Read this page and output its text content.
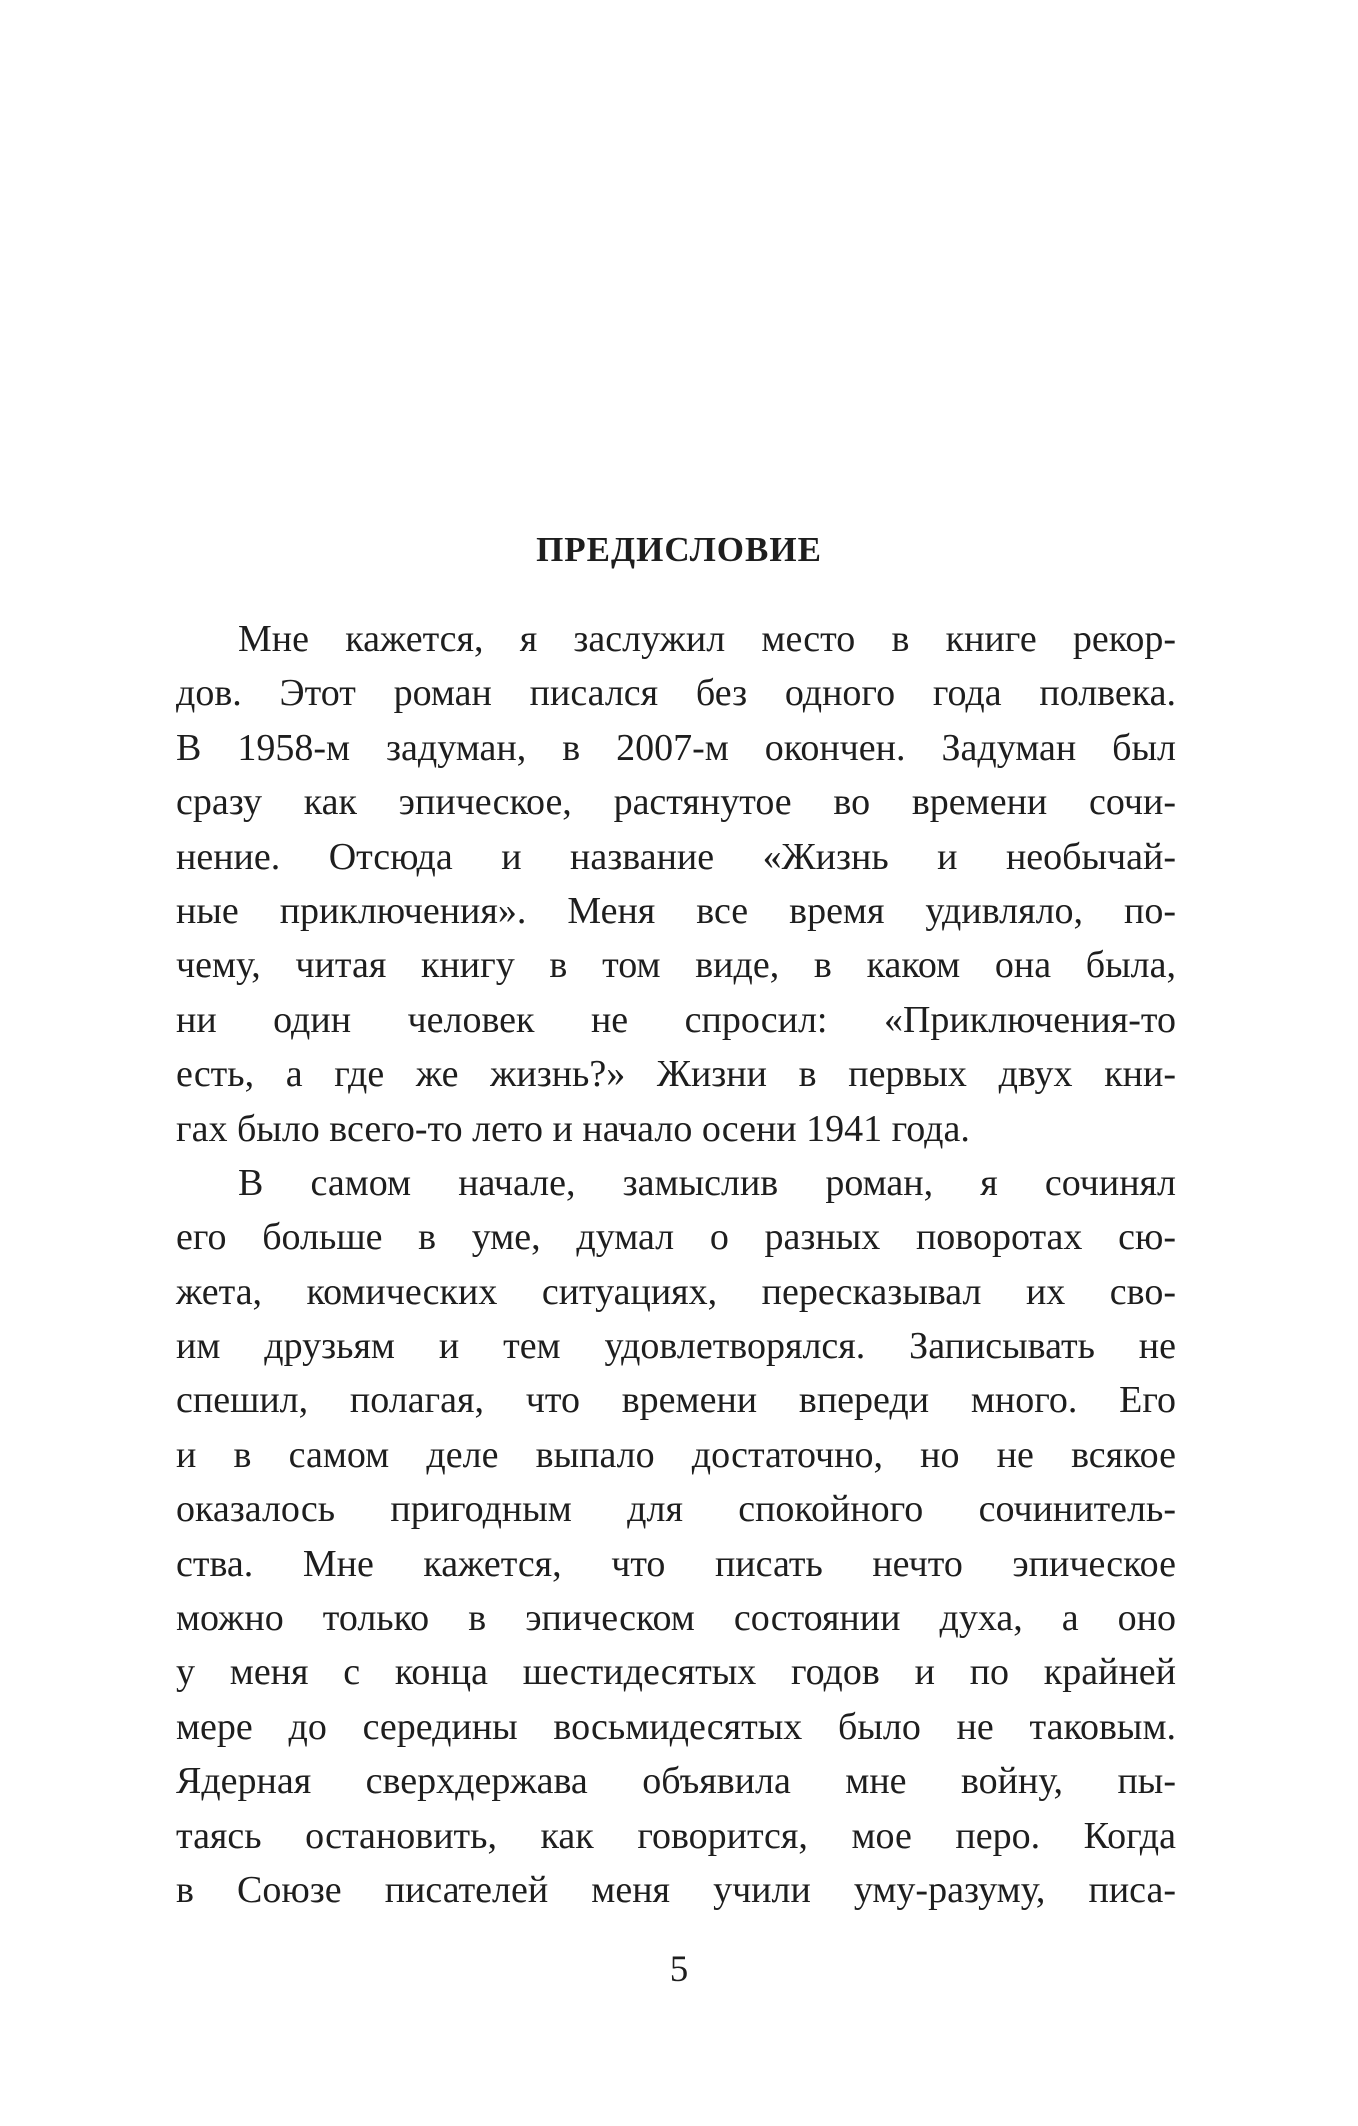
ПРЕДИСЛОВИЕ
Мне кажется, я заслужил место в книге рекор-
дов. Этот роман писался без одного года полвека.
В 1958-м задуман, в 2007-м окончен. Задуман был
сразу как эпическое, растянутое во времени сочи-
нение. Отсюда и название «Жизнь и необычай-
ные приключения». Меня все время удивляло, по-
чему, читая книгу в том виде, в каком она была,
ни один человек не спросил: «Приключения-то
есть, а где же жизнь?» Жизни в первых двух кни-
гах было всего-то лето и начало осени 1941 года.
В самом начале, замыслив роман, я сочинял
его больше в уме, думал о разных поворотах сю-
жета, комических ситуациях, пересказывал их сво-
им друзьям и тем удовлетворялся. Записывать не
спешил, полагая, что времени впереди много. Его
и в самом деле выпало достаточно, но не всякое
оказалось пригодным для спокойного сочинитель-
ства. Мне кажется, что писать нечто эпическое
можно только в эпическом состоянии духа, а оно
у меня с конца шестидесятых годов и по крайней
мере до середины восьмидесятых было не таковым.
Ядерная сверхдержава объявила мне войну, пы-
таясь остановить, как говорится, мое перо. Когда
в Союзе писателей меня учили уму-разуму, писа-
5
